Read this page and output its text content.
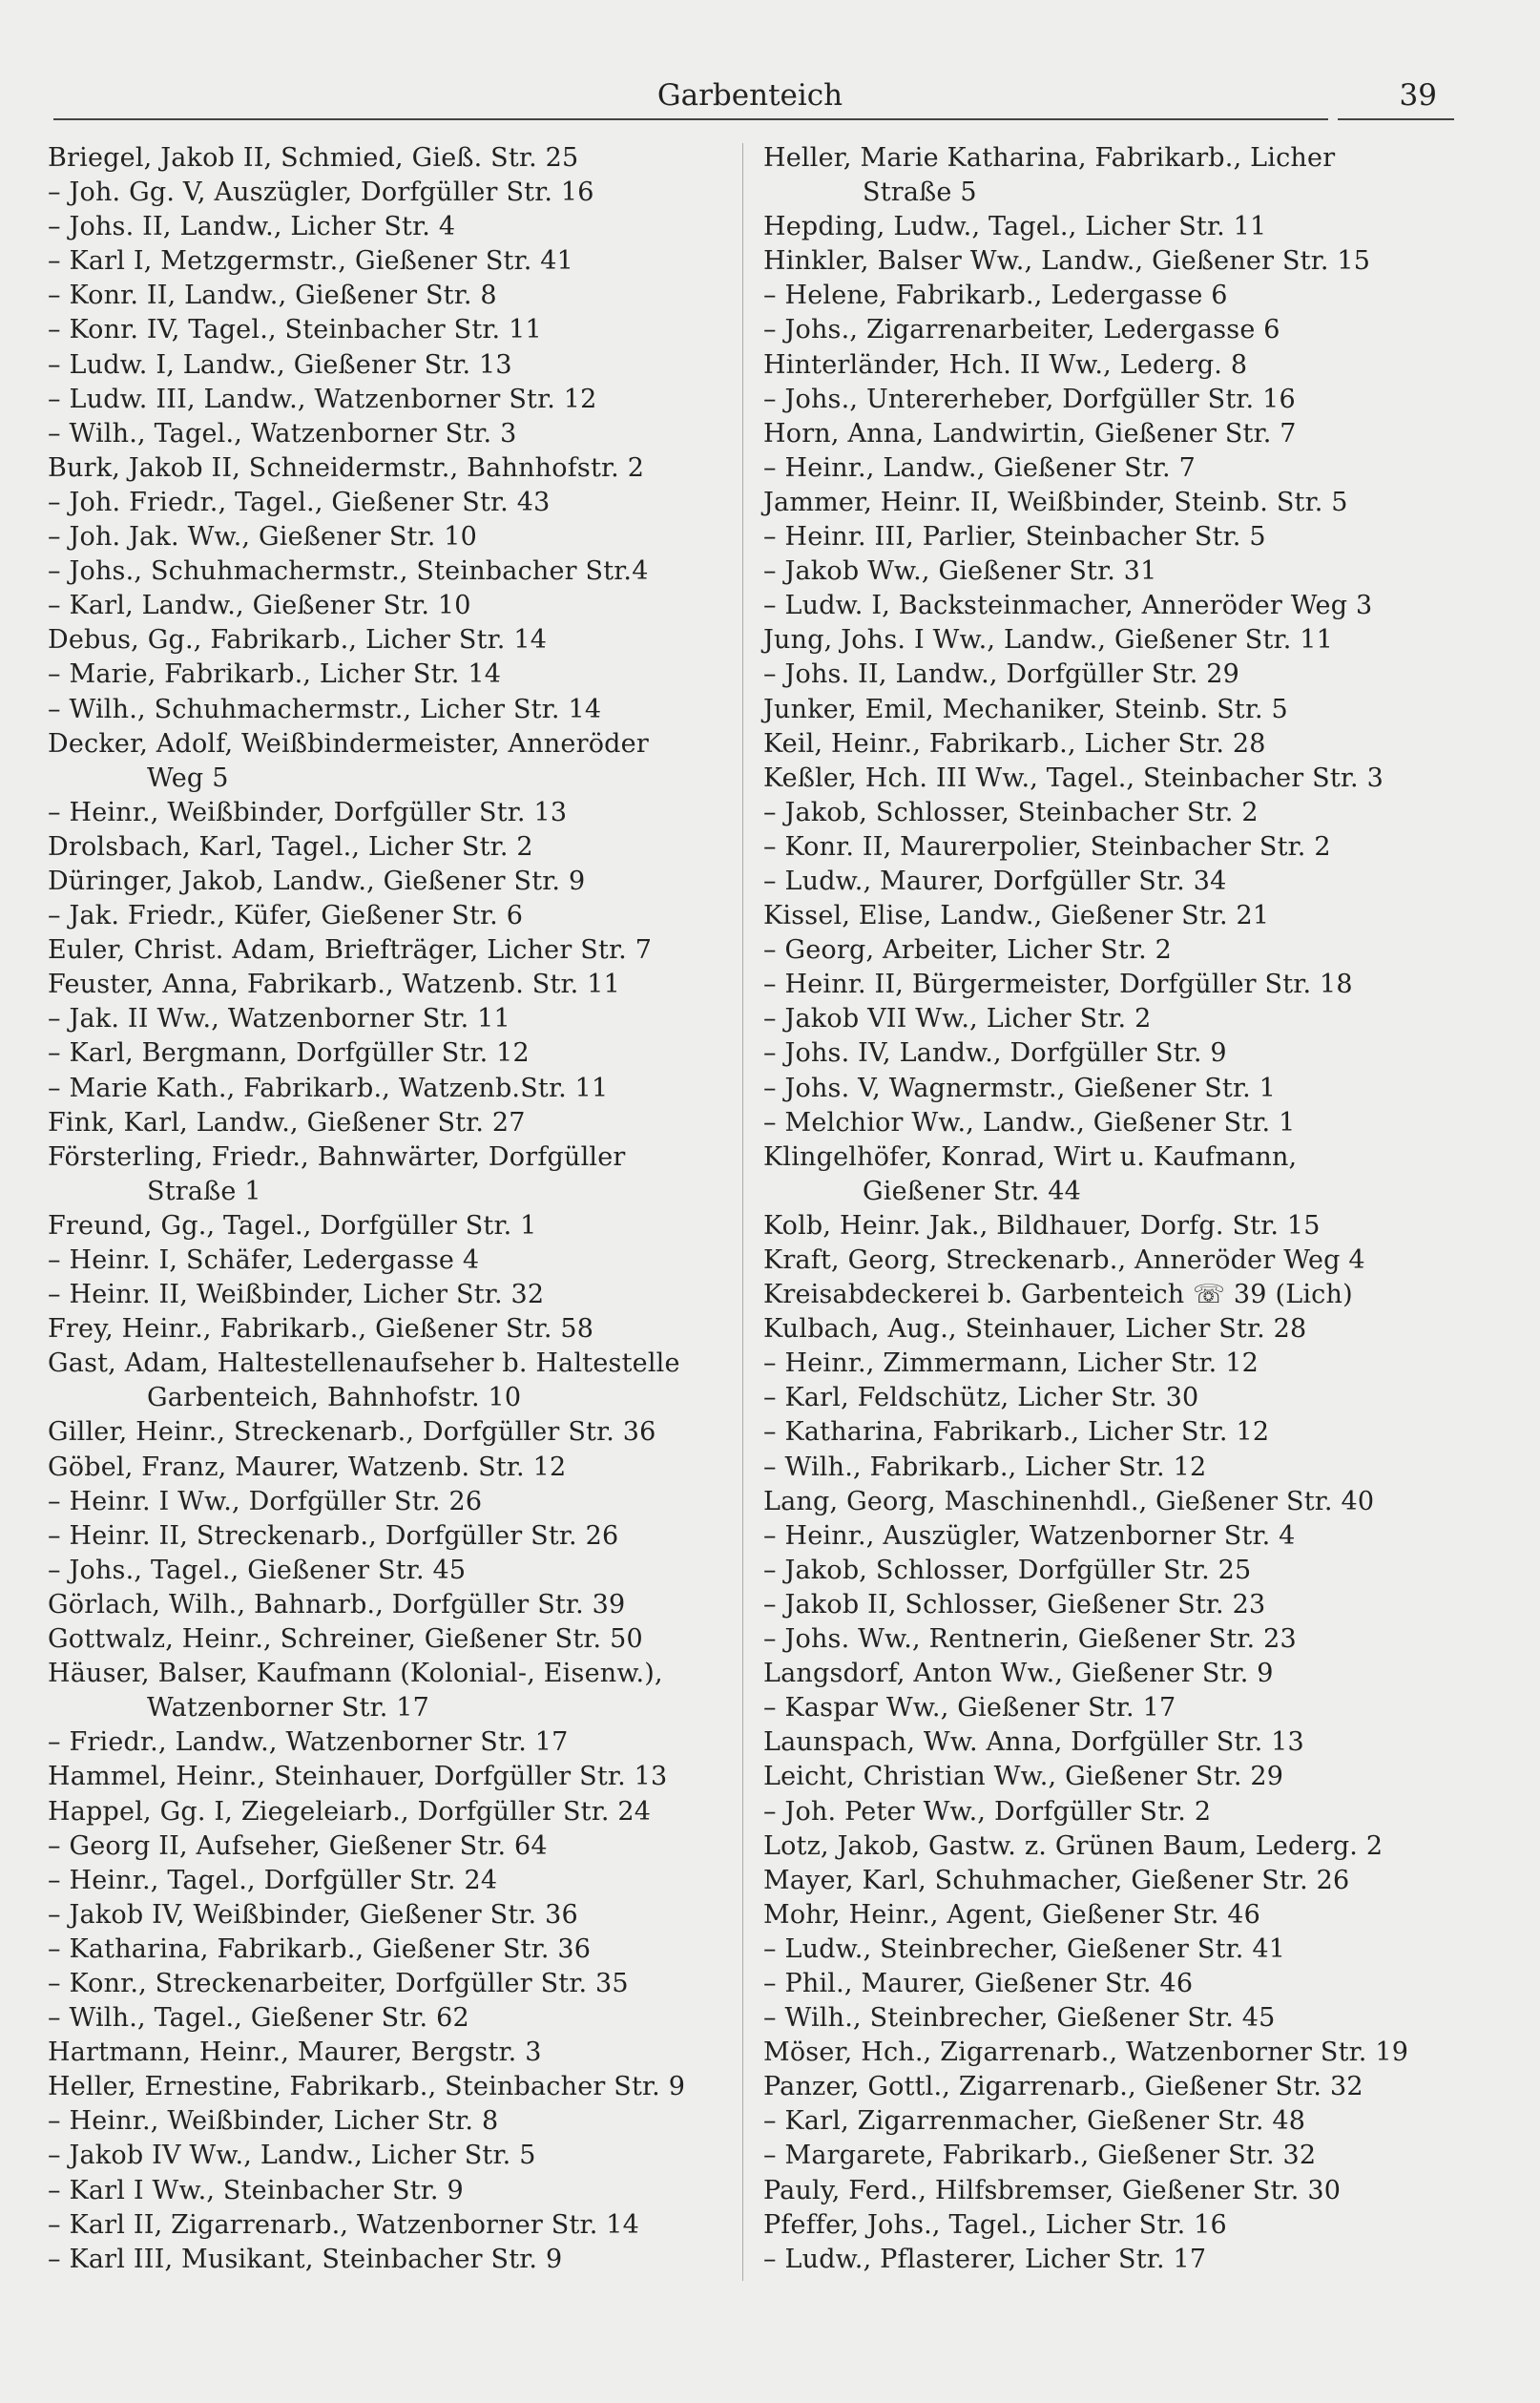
Garbenteich	39
Briegel, Jakob II, Schmied, Gieß. Str. 25
– Joh. Gg. V, Auszügler, Dorfgüller Str. 16
– Johs. II, Landw., Licher Str. 4
– Karl I, Metzgermstr., Gießener Str. 41
– Konr. II, Landw., Gießener Str. 8
– Konr. IV, Tagel., Steinbacher Str. 11
– Ludw. I, Landw., Gießener Str. 13
– Ludw. III, Landw., Watzenborner Str. 12
– Wilh., Tagel., Watzenborner Str. 3
Burk, Jakob II, Schneidermstr., Bahnhofstr. 2
– Joh. Friedr., Tagel., Gießener Str. 43
– Joh. Jak. Ww., Gießener Str. 10
– Johs., Schuhmachermstr., Steinbacher Str.4
– Karl, Landw., Gießener Str. 10
Debus, Gg., Fabrikarb., Licher Str. 14
– Marie, Fabrikarb., Licher Str. 14
– Wilh., Schuhmachermstr., Licher Str. 14
Decker, Adolf, Weißbindermeister, Anneröder
Weg 5
– Heinr., Weißbinder, Dorfgüller Str. 13
Drolsbach, Karl, Tagel., Licher Str. 2
Düringer, Jakob, Landw., Gießener Str. 9
– Jak. Friedr., Küfer, Gießener Str. 6
Euler, Christ. Adam, Briefträger, Licher Str. 7
Feuster, Anna, Fabrikarb., Watzenb. Str. 11
– Jak. II Ww., Watzenborner Str. 11
– Karl, Bergmann, Dorfgüller Str. 12
– Marie Kath., Fabrikarb., Watzenb.Str. 11
Fink, Karl, Landw., Gießener Str. 27
Försterling, Friedr., Bahnwärter, Dorfgüller
Straße 1
Freund, Gg., Tagel., Dorfgüller Str. 1
– Heinr. I, Schäfer, Ledergasse 4
– Heinr. II, Weißbinder, Licher Str. 32
Frey, Heinr., Fabrikarb., Gießener Str. 58
Gast, Adam, Haltestellenaufseher b. Haltestelle
Garbenteich, Bahnhofstr. 10
Giller, Heinr., Streckenarb., Dorfgüller Str. 36
Göbel, Franz, Maurer, Watzenb. Str. 12
– Heinr. I Ww., Dorfgüller Str. 26
– Heinr. II, Streckenarb., Dorfgüller Str. 26
– Johs., Tagel., Gießener Str. 45
Görlach, Wilh., Bahnarb., Dorfgüller Str. 39
Gottwalz, Heinr., Schreiner, Gießener Str. 50
Häuser, Balser, Kaufmann (Kolonial-, Eisenw.),
Watzenborner Str. 17
– Friedr., Landw., Watzenborner Str. 17
Hammel, Heinr., Steinhauer, Dorfgüller Str. 13
Happel, Gg. I, Ziegeleiarb., Dorfgüller Str. 24
– Georg II, Aufseher, Gießener Str. 64
– Heinr., Tagel., Dorfgüller Str. 24
– Jakob IV, Weißbinder, Gießener Str. 36
– Katharina, Fabrikarb., Gießener Str. 36
– Konr., Streckenarbeiter, Dorfgüller Str. 35
– Wilh., Tagel., Gießener Str. 62
Hartmann, Heinr., Maurer, Bergstr. 3
Heller, Ernestine, Fabrikarb., Steinbacher Str. 9
– Heinr., Weißbinder, Licher Str. 8
– Jakob IV Ww., Landw., Licher Str. 5
– Karl I Ww., Steinbacher Str. 9
– Karl II, Zigarrenarb., Watzenborner Str. 14
– Karl III, Musikant, Steinbacher Str. 9
Heller, Marie Katharina, Fabrikarb., Licher
Straße 5
Hepding, Ludw., Tagel., Licher Str. 11
Hinkler, Balser Ww., Landw., Gießener Str. 15
– Helene, Fabrikarb., Ledergasse 6
– Johs., Zigarrenarbeiter, Ledergasse 6
Hinterländer, Hch. II Ww., Lederg. 8
– Johs., Untererheber, Dorfgüller Str. 16
Horn, Anna, Landwirtin, Gießener Str. 7
– Heinr., Landw., Gießener Str. 7
Jammer, Heinr. II, Weißbinder, Steinb. Str. 5
– Heinr. III, Parlier, Steinbacher Str. 5
– Jakob Ww., Gießener Str. 31
– Ludw. I, Backsteinmacher, Anneröder Weg 3
Jung, Johs. I Ww., Landw., Gießener Str. 11
– Johs. II, Landw., Dorfgüller Str. 29
Junker, Emil, Mechaniker, Steinb. Str. 5
Keil, Heinr., Fabrikarb., Licher Str. 28
Keßler, Hch. III Ww., Tagel., Steinbacher Str. 3
– Jakob, Schlosser, Steinbacher Str. 2
– Konr. II, Maurerpolier, Steinbacher Str. 2
– Ludw., Maurer, Dorfgüller Str. 34
Kissel, Elise, Landw., Gießener Str. 21
– Georg, Arbeiter, Licher Str. 2
– Heinr. II, Bürgermeister, Dorfgüller Str. 18
– Jakob VII Ww., Licher Str. 2
– Johs. IV, Landw., Dorfgüller Str. 9
– Johs. V, Wagnermstr., Gießener Str. 1
– Melchior Ww., Landw., Gießener Str. 1
Klingelhöfer, Konrad, Wirt u. Kaufmann,
Gießener Str. 44
Kolb, Heinr. Jak., Bildhauer, Dorfg. Str. 15
Kraft, Georg, Streckenarb., Anneröder Weg 4
Kreisabdeckerei b. Garbenteich ☏ 39 (Lich)
Kulbach, Aug., Steinhauer, Licher Str. 28
– Heinr., Zimmermann, Licher Str. 12
– Karl, Feldschütz, Licher Str. 30
– Katharina, Fabrikarb., Licher Str. 12
– Wilh., Fabrikarb., Licher Str. 12
Lang, Georg, Maschinenhdl., Gießener Str. 40
– Heinr., Auszügler, Watzenborner Str. 4
– Jakob, Schlosser, Dorfgüller Str. 25
– Jakob II, Schlosser, Gießener Str. 23
– Johs. Ww., Rentnerin, Gießener Str. 23
Langsdorf, Anton Ww., Gießener Str. 9
– Kaspar Ww., Gießener Str. 17
Launspach, Ww. Anna, Dorfgüller Str. 13
Leicht, Christian Ww., Gießener Str. 29
– Joh. Peter Ww., Dorfgüller Str. 2
Lotz, Jakob, Gastw. z. Grünen Baum, Lederg. 2
Mayer, Karl, Schuhmacher, Gießener Str. 26
Mohr, Heinr., Agent, Gießener Str. 46
– Ludw., Steinbrecher, Gießener Str. 41
– Phil., Maurer, Gießener Str. 46
– Wilh., Steinbrecher, Gießener Str. 45
Möser, Hch., Zigarrenarb., Watzenborner Str. 19
Panzer, Gottl., Zigarrenarb., Gießener Str. 32
– Karl, Zigarrenmacher, Gießener Str. 48
– Margarete, Fabrikarb., Gießener Str. 32
Pauly, Ferd., Hilfsbremser, Gießener Str. 30
Pfeffer, Johs., Tagel., Licher Str. 16
– Ludw., Pflasterer, Licher Str. 17
